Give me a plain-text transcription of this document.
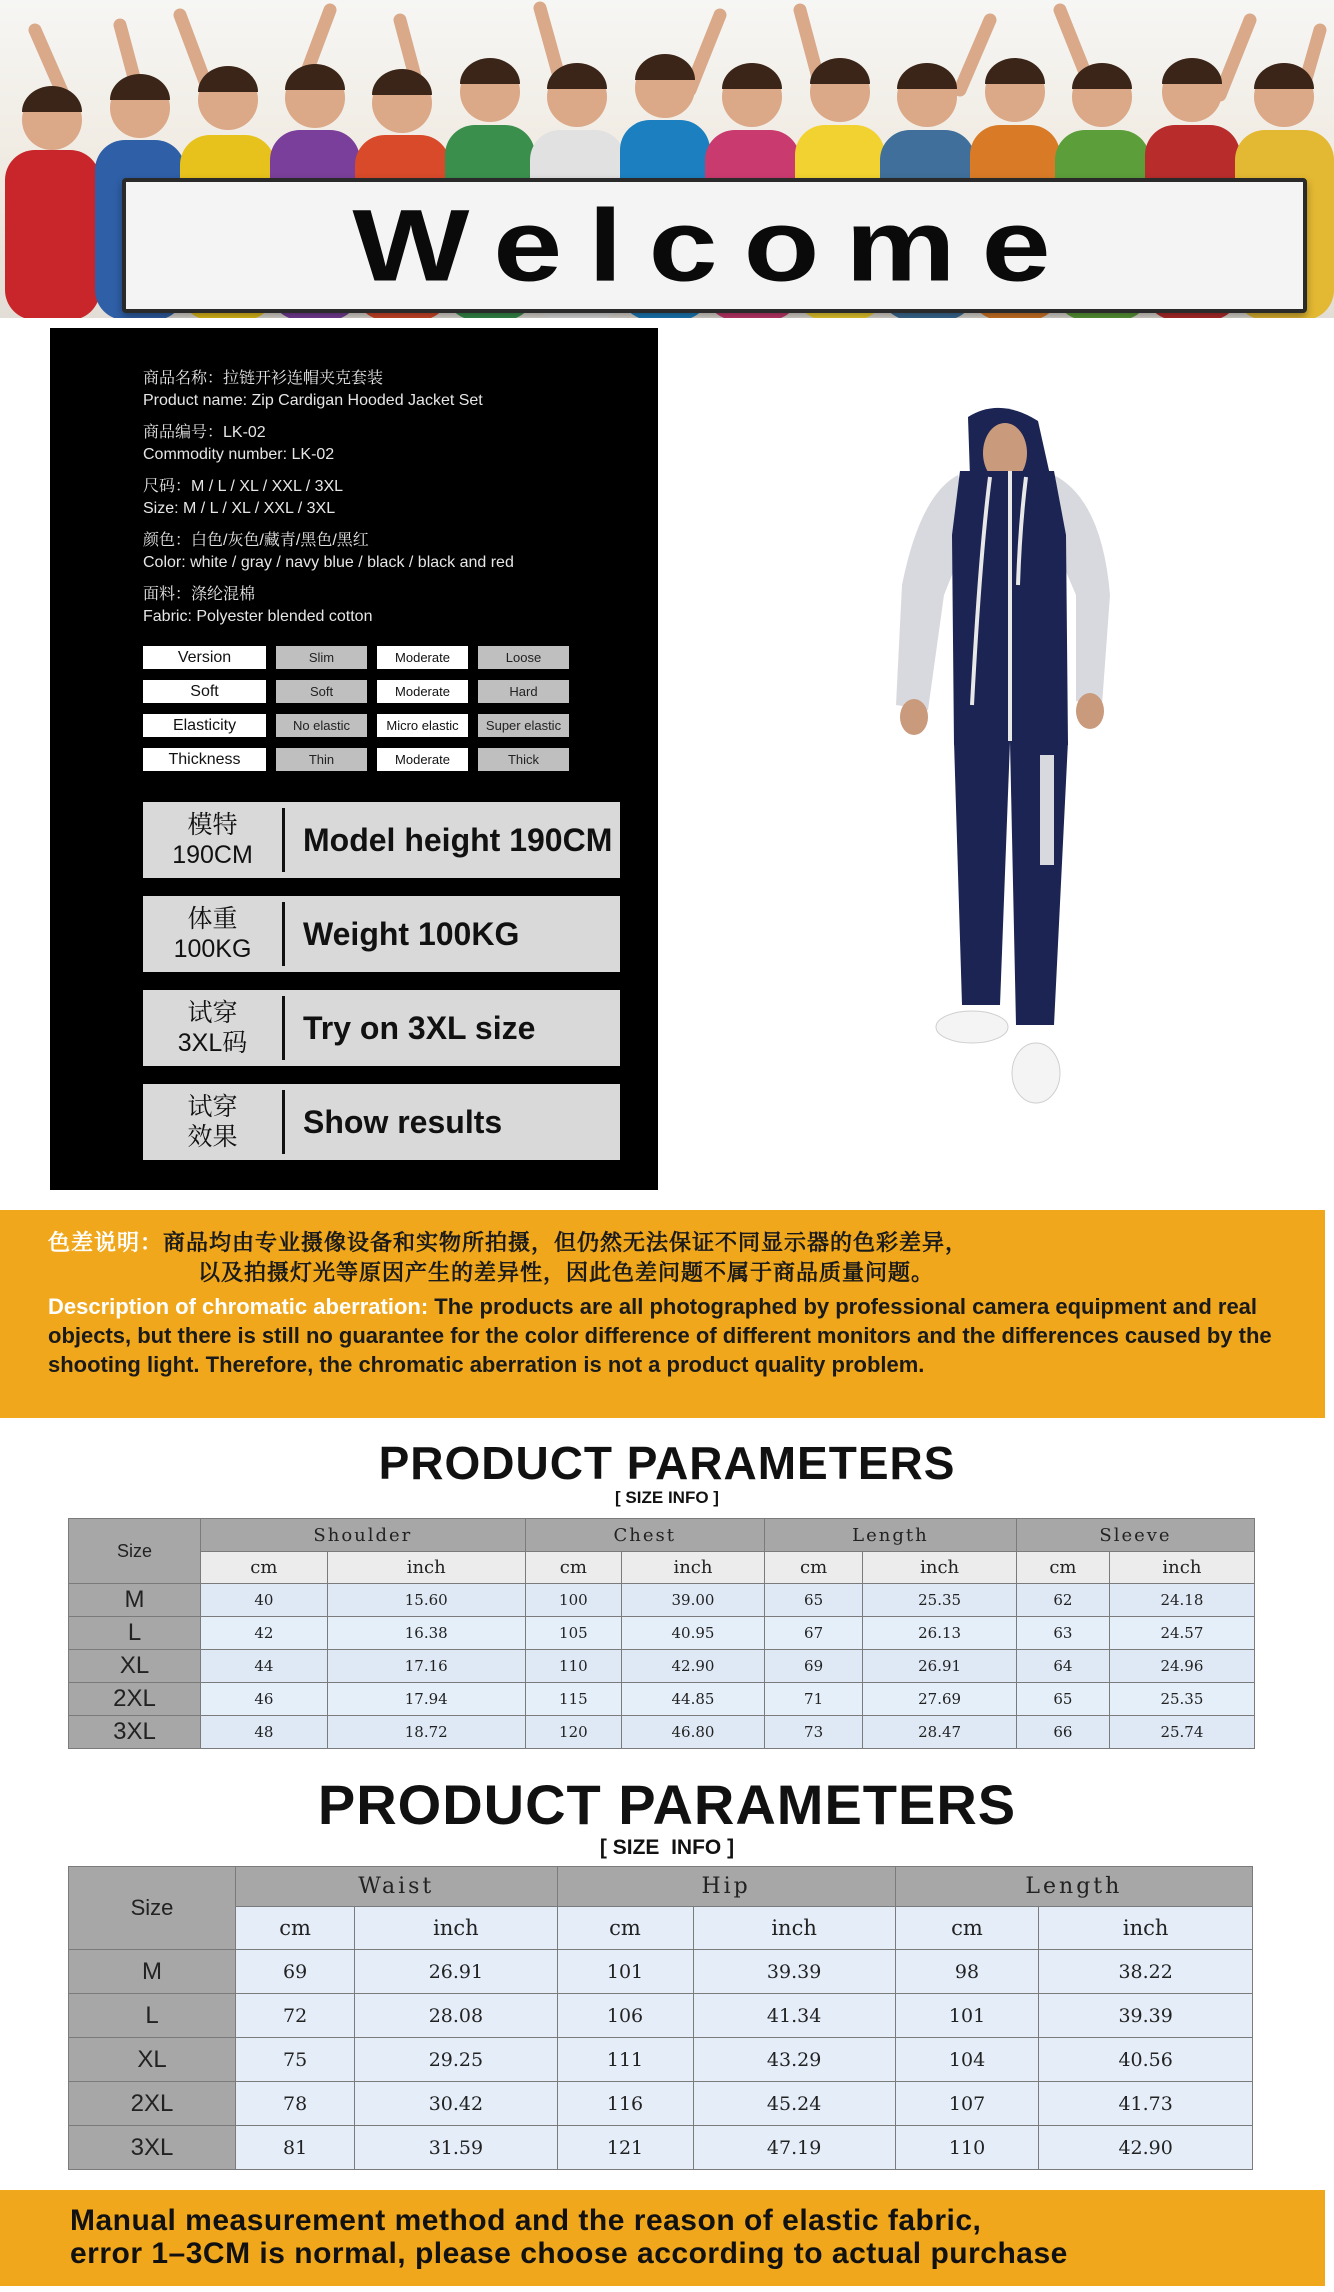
Welcome
商品名称：拉链开衫连帽夹克套装
Product name: Zip Cardigan Hooded Jacket Set
商品编号：LK-02
Commodity number: LK-02
尺码：M / L / XL / XXL / 3XL
Size: M / L / XL / XXL / 3XL
颜色：白色/灰色/藏青/黑色/黑红
Color: white / gray / navy blue / black / black and red
面料：涤纶混棉
Fabric: Polyester blended cotton
Version	Slim	Moderate	Loose
Soft	Soft	Moderate	Hard
Elasticity	No elastic	Micro elastic	Super elastic
Thickness	Thin	Moderate	Thick
模特
190CM	Model height 190CM
体重
100KG	Weight 100KG
试穿
3XL码	Try on 3XL size
试穿
效果	Show results
色差说明：商品均由专业摄像设备和实物所拍摄，但仍然无法保证不同显示器的色彩差异，
以及拍摄灯光等原因产生的差异性，因此色差问题不属于商品质量问题。
Description of chromatic aberration: The products are all photographed by professional camera equipment and real objects, but there is still no guarantee for the color difference of different monitors and the differences caused by the shooting light. Therefore, the chromatic aberration is not a product quality problem.
PRODUCT PARAMETERS
[ SIZE INFO ]
Size	Shoulder		Chest		Length		Sleeve	
	cm	inch	cm	inch	cm	inch	cm	inch
M	40	15.60	100	39.00	65	25.35	62	24.18
L	42	16.38	105	40.95	67	26.13	63	24.57
XL	44	17.16	110	42.90	69	26.91	64	24.96
2XL	46	17.94	115	44.85	71	27.69	65	25.35
3XL	48	18.72	120	46.80	73	28.47	66	25.74
PRODUCT PARAMETERS
[ SIZE  INFO ]
Size	Waist		Hip		Length	
	cm	inch	cm	inch	cm	inch
M	69	26.91	101	39.39	98	38.22
L	72	28.08	106	41.34	101	39.39
XL	75	29.25	111	43.29	104	40.56
2XL	78	30.42	116	45.24	107	41.73
3XL	81	31.59	121	47.19	110	42.90
Manual measurement method and the reason of elastic fabric,
error 1–3CM is normal, please choose according to actual purchase
